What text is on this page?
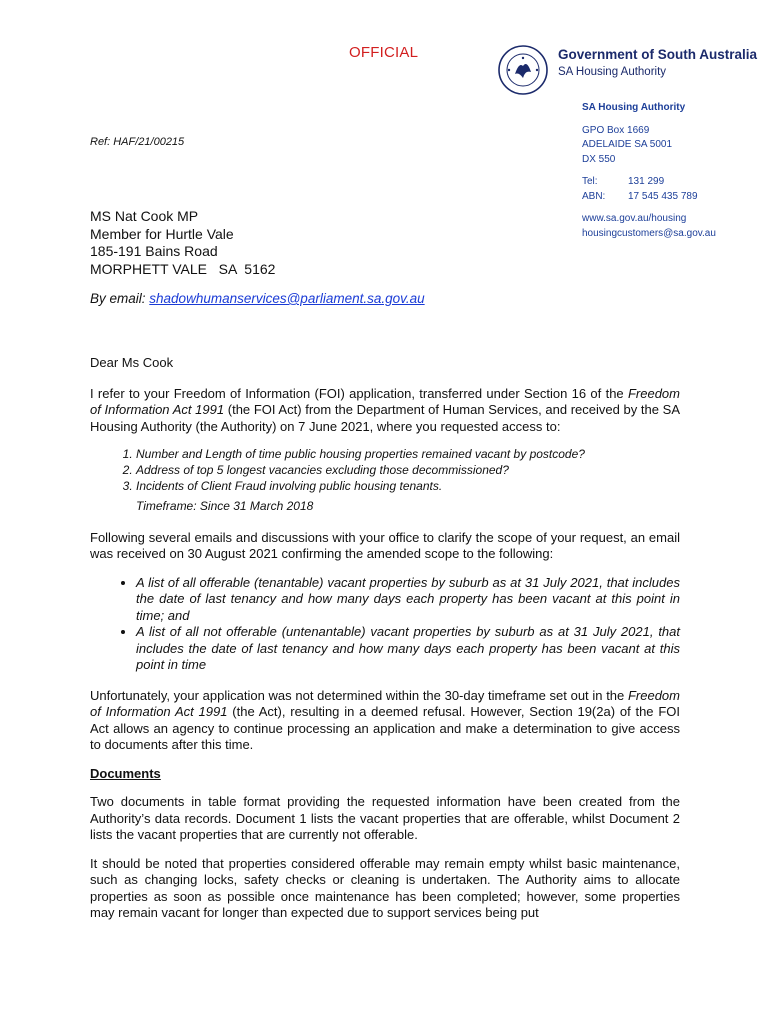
OFFICIAL	Government of South Australia
SA Housing Authority
SA Housing Authority
GPO Box 1669
ADELAIDE SA 5001
DX 550
Tel:	131 299
ABN:	17 545 435 789
www.sa.gov.au/housing
housingcustomers@sa.gov.au
Ref: HAF/21/00215
MS Nat Cook MP
Member for Hurtle Vale
185-191 Bains Road
MORPHETT VALE   SA  5162
By email: shadowhumanservices@parliament.sa.gov.au

Dear Ms Cook

I refer to your Freedom of Information (FOI) application, transferred under Section 16 of the Freedom of Information Act 1991 (the FOI Act) from the Department of Human Services, and received by the SA Housing Authority (the Authority) on 7 June 2021, where you requested access to:

1. Number and Length of time public housing properties remained vacant by postcode?
2. Address of top 5 longest vacancies excluding those decommissioned?
3. Incidents of Client Fraud involving public housing tenants.
Timeframe: Since 31 March 2018

Following several emails and discussions with your office to clarify the scope of your request, an email was received on 30 August 2021 confirming the amended scope to the following:

• A list of all offerable (tenantable) vacant properties by suburb as at 31 July 2021, that includes the date of last tenancy and how many days each property has been vacant at this point in time; and
• A list of all not offerable (untenantable) vacant properties by suburb as at 31 July 2021, that includes the date of last tenancy and how many days each property has been vacant at this point in time

Unfortunately, your application was not determined within the 30-day timeframe set out in the Freedom of Information Act 1991 (the Act), resulting in a deemed refusal. However, Section 19(2a) of the FOI Act allows an agency to continue processing an application and make a determination to give access to documents after this time.

Documents

Two documents in table format providing the requested information have been created from the Authority’s data records. Document 1 lists the vacant properties that are offerable, whilst Document 2 lists the vacant properties that are currently not offerable.

It should be noted that properties considered offerable may remain empty whilst basic maintenance, such as changing locks, safety checks or cleaning is undertaken. The Authority aims to allocate properties as soon as possible once maintenance has been completed; however, some properties may remain vacant for longer than expected due to support services being put
